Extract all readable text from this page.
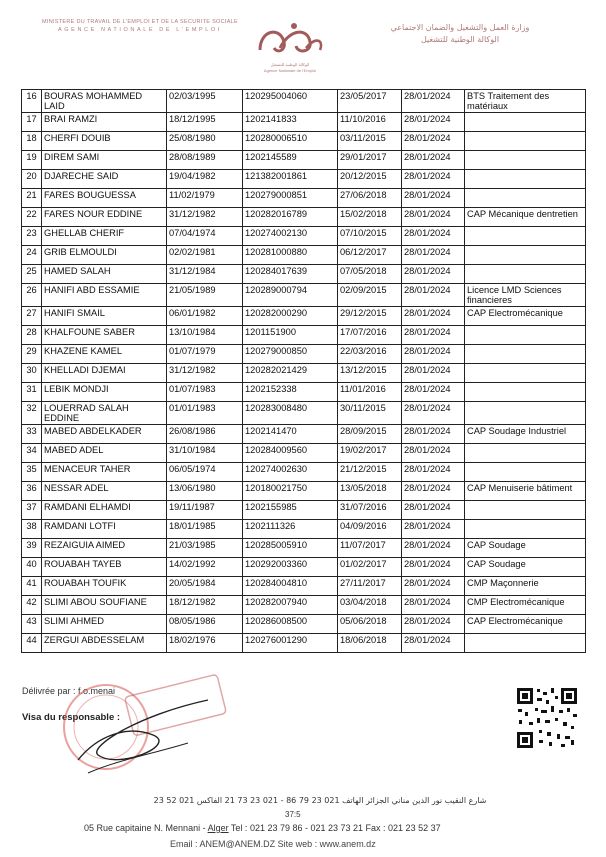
MINISTERE DU TRAVAIL DE L'EMPLOI ET DE LA SECURITE SOCIALE
AGENCE NATIONALE DE L'EMPLOI
الوكالة الوطنية للتشغيل
Agence Nationale de l'Emploi
وزارة العمل والتشغيل والضمان الاجتماعي
الوكالة الوطنية للتشغيل
16	BOURAS MOHAMMED LAID	02/03/1995	120295004060	23/05/2017	28/01/2024	BTS Traitement des matériaux
17	BRAI RAMZI	18/12/1995	1202141833	11/10/2016	28/01/2024	
18	CHERFI DOUIB	25/08/1980	120280006510	03/11/2015	28/01/2024	
19	DIREM SAMI	28/08/1989	1202145589	29/01/2017	28/01/2024	
20	DJARECHE SAID	19/04/1982	121382001861	20/12/2015	28/01/2024	
21	FARES BOUGUESSA	11/02/1979	120279000851	27/06/2018	28/01/2024	
22	FARES NOUR EDDINE	31/12/1982	120282016789	15/02/2018	28/01/2024	CAP Mécanique dentretien
23	GHELLAB CHERIF	07/04/1974	120274002130	07/10/2015	28/01/2024	
24	GRIB ELMOULDI	02/02/1981	120281000880	06/12/2017	28/01/2024	
25	HAMED SALAH	31/12/1984	120284017639	07/05/2018	28/01/2024	
26	HANIFI ABD ESSAMIE	21/05/1989	120289000794	02/09/2015	28/01/2024	Licence LMD Sciences financieres
27	HANIFI SMAIL	06/01/1982	120282000290	29/12/2015	28/01/2024	CAP Electromécanique
28	KHALFOUNE SABER	13/10/1984	1201151900	17/07/2016	28/01/2024	
29	KHAZENE KAMEL	01/07/1979	120279000850	22/03/2016	28/01/2024	
30	KHELLADI DJEMAI	31/12/1982	120282021429	13/12/2015	28/01/2024	
31	LEBIK MONDJI	01/07/1983	1202152338	11/01/2016	28/01/2024	
32	LOUERRAD SALAH EDDINE	01/01/1983	120283008480	30/11/2015	28/01/2024	
33	MABED ABDELKADER	26/08/1986	1202141470	28/09/2015	28/01/2024	CAP Soudage Industriel
34	MABED ADEL	31/10/1984	120284009560	19/02/2017	28/01/2024	
35	MENACEUR TAHER	06/05/1974	120274002630	21/12/2015	28/01/2024	
36	NESSAR ADEL	13/06/1980	120180021750	13/05/2018	28/01/2024	CAP Menuiserie bâtiment
37	RAMDANI ELHAMDI	19/11/1987	1202155985	31/07/2016	28/01/2024	
38	RAMDANI LOTFI	18/01/1985	1202111326	04/09/2016	28/01/2024	
39	REZAIGUIA AIMED	21/03/1985	120285005910	11/07/2017	28/01/2024	CAP Soudage
40	ROUABAH TAYEB	14/02/1992	120292003360	01/02/2017	28/01/2024	CAP Soudage
41	ROUABAH TOUFIK	20/05/1984	120284004810	27/11/2017	28/01/2024	CMP Maçonnerie
42	SLIMI ABOU SOUFIANE	18/12/1982	120282007940	03/04/2018	28/01/2024	CMP Electromécanique
43	SLIMI AHMED	08/05/1986	120286008500	05/06/2018	28/01/2024	CAP Electromécanique
44	ZERGUI ABDESSELAM	18/02/1976	120276001290	18/06/2018	28/01/2024	
Délivrée par : f.o.menai
Visa du responsable :
شارع النقيب نور الدين مناني الجزائر الهاتف 021 23 79 86 - 021 23 73 21 الفاكس 021 52 23
37:5
05 Rue capitaine N. Mennani - Alger Tel : 021 23 79 86 - 021 23 73 21 Fax : 021 23 52 37
Email : ANEM@ANEM.DZ Site web : www.anem.dz
